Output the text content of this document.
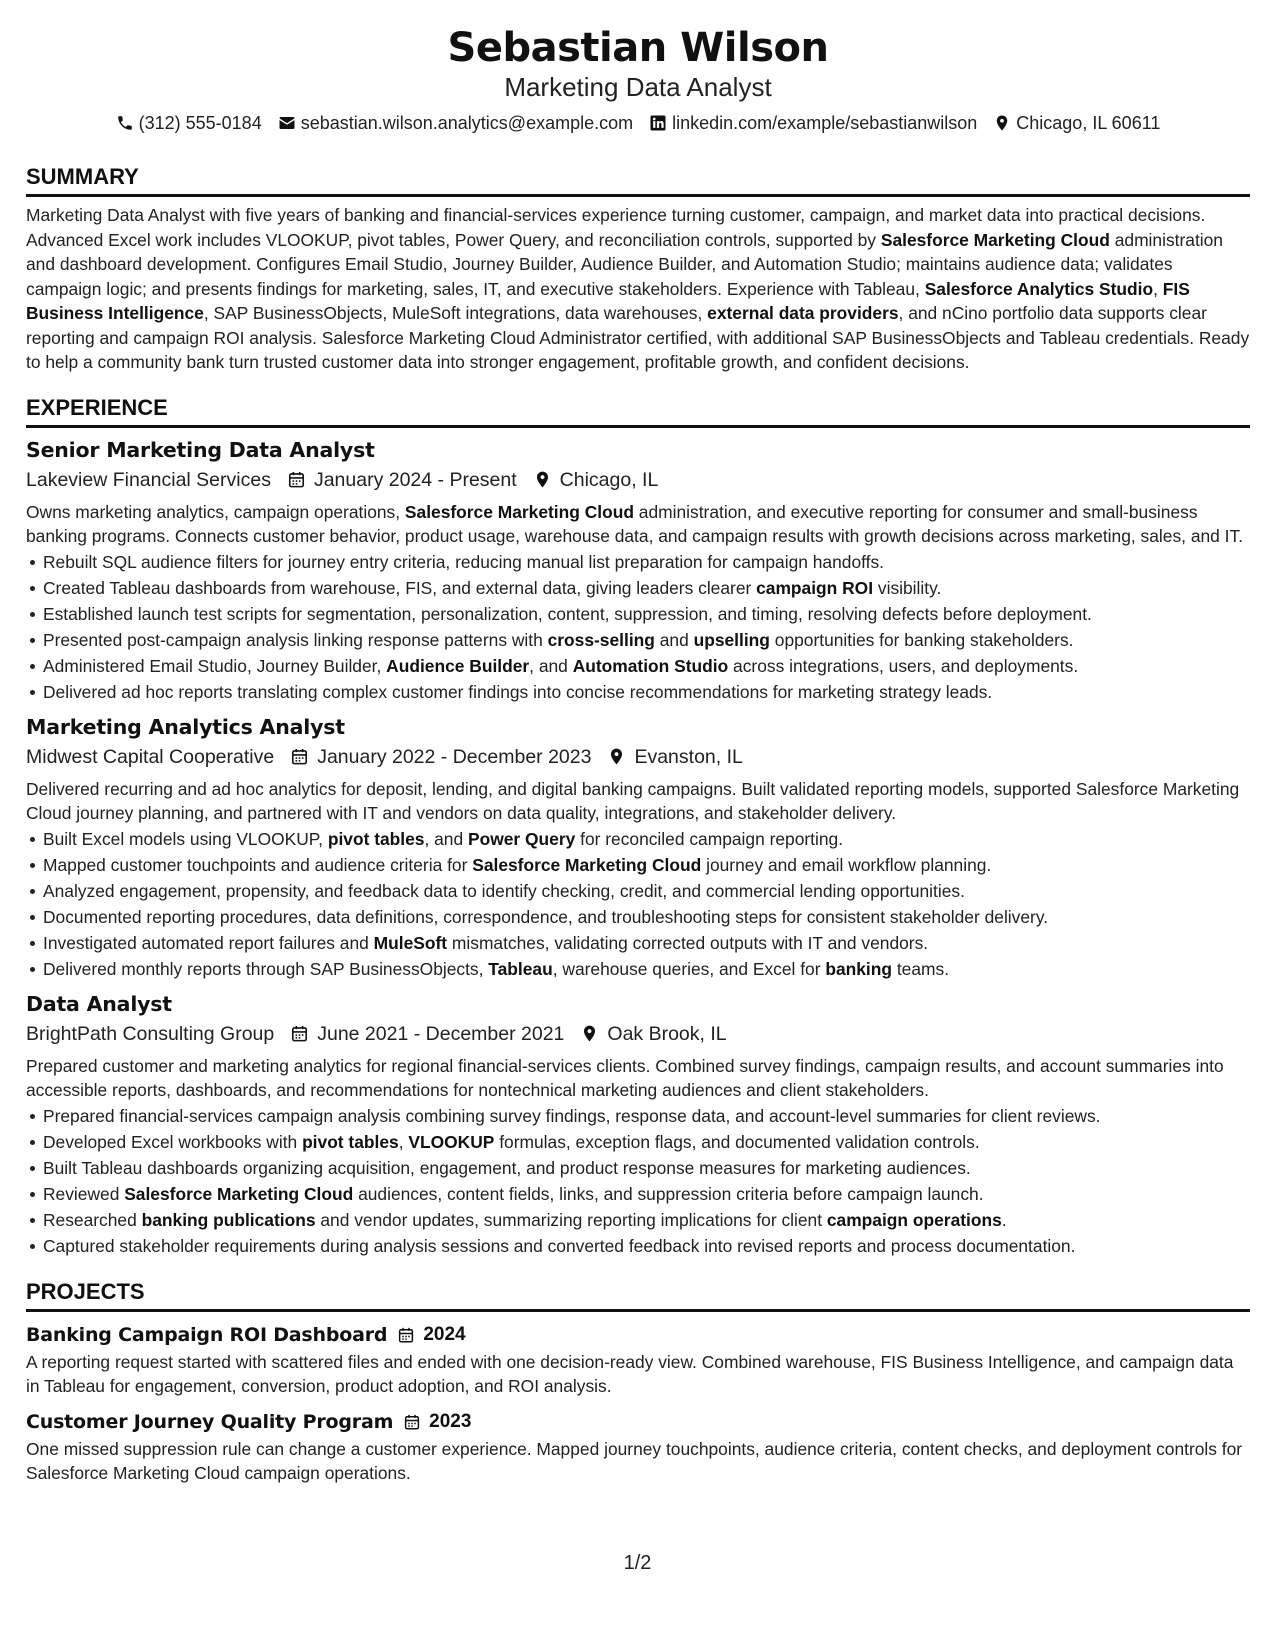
Sebastian Wilson
Marketing Data Analyst
(312) 555-0184 sebastian.wilson.analytics@example.com linkedin.com/example/sebastianwilson Chicago, IL 60611
SUMMARY

Marketing Data Analyst with five years of banking and financial-services experience turning customer, campaign, and market data into practical decisions. Advanced Excel work includes VLOOKUP, pivot tables, Power Query, and reconciliation controls, supported by Salesforce Marketing Cloud administration and dashboard development. Configures Email Studio, Journey Builder, Audience Builder, and Automation Studio; maintains audience data; validates campaign logic; and presents findings for marketing, sales, IT, and executive stakeholders. Experience with Tableau, Salesforce Analytics Studio, FIS Business Intelligence, SAP BusinessObjects, MuleSoft integrations, data warehouses, external data providers, and nCino portfolio data supports clear reporting and campaign ROI analysis. Salesforce Marketing Cloud Administrator certified, with additional SAP BusinessObjects and Tableau credentials. Ready to help a community bank turn trusted customer data into stronger engagement, profitable growth, and confident decisions.

EXPERIENCE
Senior Marketing Data Analyst
Lakeview Financial Services January 2024 - Present Chicago, IL

Owns marketing analytics, campaign operations, Salesforce Marketing Cloud administration, and executive reporting for consumer and small-business banking programs. Connects customer behavior, product usage, warehouse data, and campaign results with growth decisions across marketing, sales, and IT.

Rebuilt SQL audience filters for journey entry criteria, reducing manual list preparation for campaign handoffs.
Created Tableau dashboards from warehouse, FIS, and external data, giving leaders clearer campaign ROI visibility.
Established launch test scripts for segmentation, personalization, content, suppression, and timing, resolving defects before deployment.
Presented post-campaign analysis linking response patterns with cross-selling and upselling opportunities for banking stakeholders.
Administered Email Studio, Journey Builder, Audience Builder, and Automation Studio across integrations, users, and deployments.
Delivered ad hoc reports translating complex customer findings into concise recommendations for marketing strategy leads.
Marketing Analytics Analyst
Midwest Capital Cooperative January 2022 - December 2023 Evanston, IL

Delivered recurring and ad hoc analytics for deposit, lending, and digital banking campaigns. Built validated reporting models, supported Salesforce Marketing Cloud journey planning, and partnered with IT and vendors on data quality, integrations, and stakeholder delivery.

Built Excel models using VLOOKUP, pivot tables, and Power Query for reconciled campaign reporting.
Mapped customer touchpoints and audience criteria for Salesforce Marketing Cloud journey and email workflow planning.
Analyzed engagement, propensity, and feedback data to identify checking, credit, and commercial lending opportunities.
Documented reporting procedures, data definitions, correspondence, and troubleshooting steps for consistent stakeholder delivery.
Investigated automated report failures and MuleSoft mismatches, validating corrected outputs with IT and vendors.
Delivered monthly reports through SAP BusinessObjects, Tableau, warehouse queries, and Excel for banking teams.
Data Analyst
BrightPath Consulting Group June 2021 - December 2021 Oak Brook, IL

Prepared customer and marketing analytics for regional financial-services clients. Combined survey findings, campaign results, and account summaries into accessible reports, dashboards, and recommendations for nontechnical marketing audiences and client stakeholders.

Prepared financial-services campaign analysis combining survey findings, response data, and account-level summaries for client reviews.
Developed Excel workbooks with pivot tables, VLOOKUP formulas, exception flags, and documented validation controls.
Built Tableau dashboards organizing acquisition, engagement, and product response measures for marketing audiences.
Reviewed Salesforce Marketing Cloud audiences, content fields, links, and suppression criteria before campaign launch.
Researched banking publications and vendor updates, summarizing reporting implications for client campaign operations.
Captured stakeholder requirements during analysis sessions and converted feedback into revised reports and process documentation.
PROJECTS
Banking Campaign ROI Dashboard 2024

A reporting request started with scattered files and ended with one decision-ready view. Combined warehouse, FIS Business Intelligence, and campaign data in Tableau for engagement, conversion, product adoption, and ROI analysis.

Customer Journey Quality Program 2023

One missed suppression rule can change a customer experience. Mapped journey touchpoints, audience criteria, content checks, and deployment controls for Salesforce Marketing Cloud campaign operations.

1/2
